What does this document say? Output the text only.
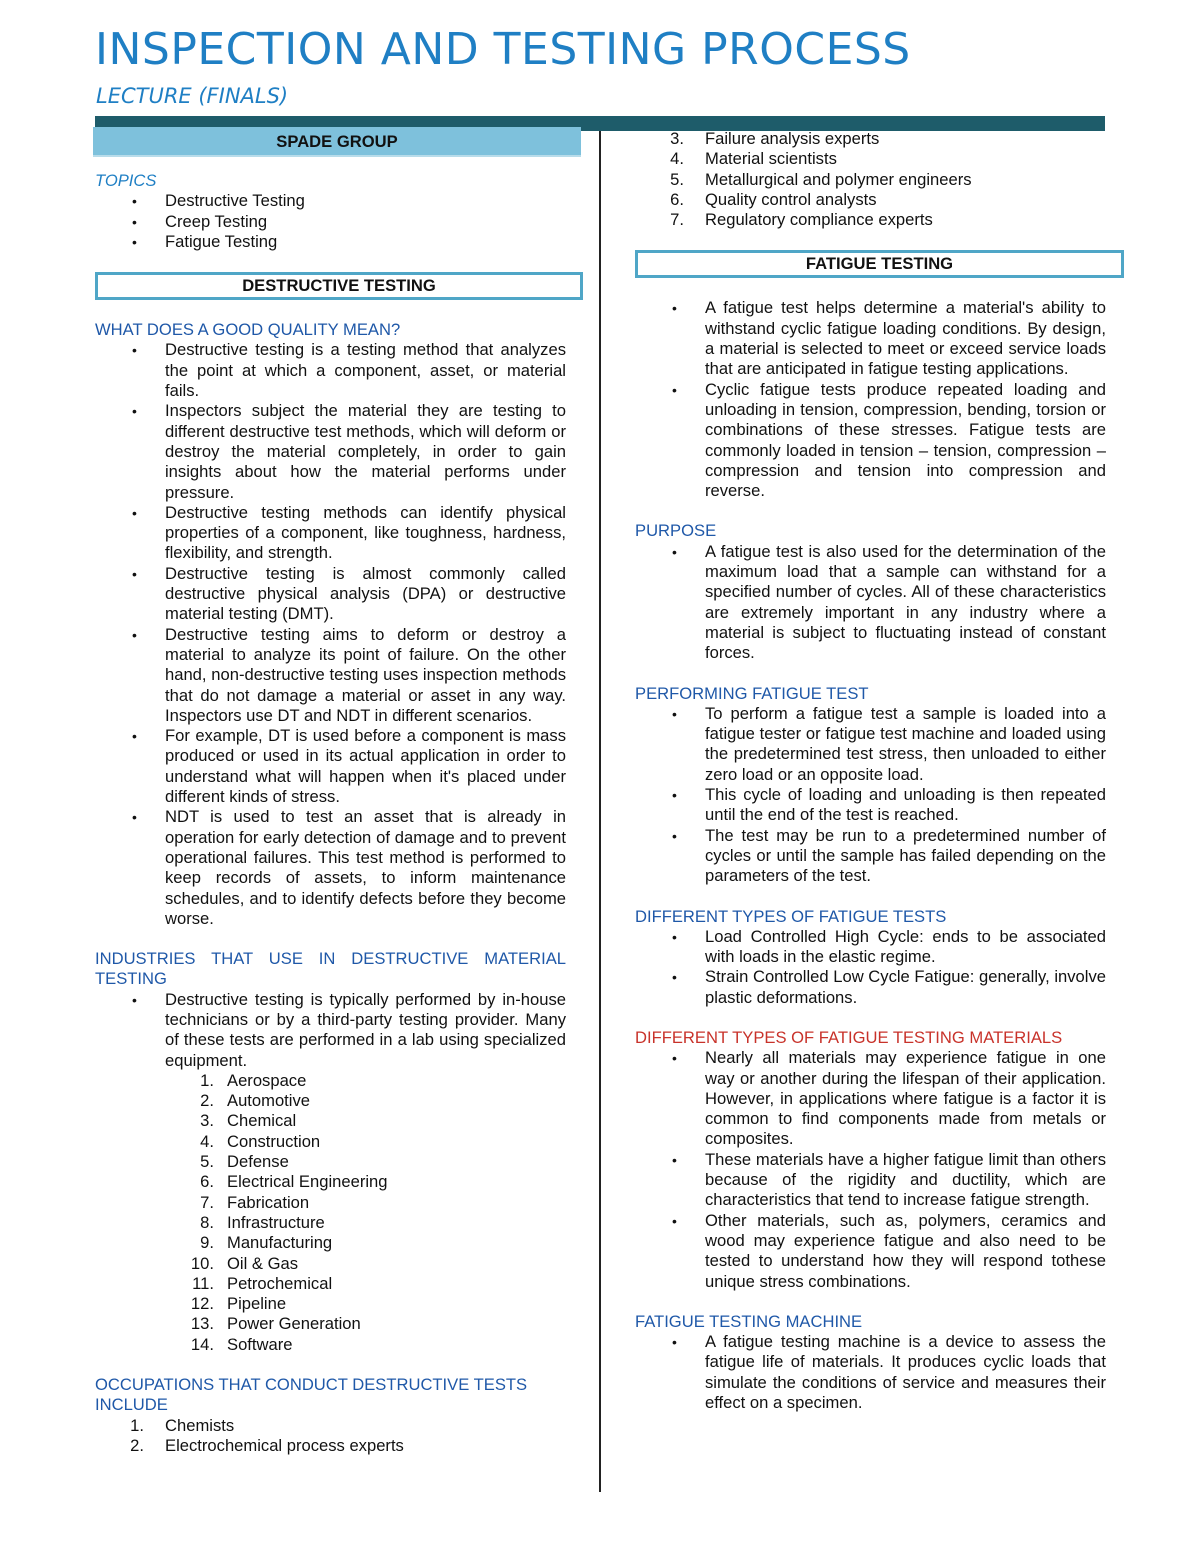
INSPECTION AND TESTING PROCESS
LECTURE (FINALS)
SPADE GROUP

TOPICS

• Destructive Testing
• Creep Testing
• Fatigue Testing
DESTRUCTIVE TESTING

WHAT DOES A GOOD QUALITY MEAN?

• Destructive testing is a testing method that analyzes the point at which a component, asset, or material fails.
• Inspectors subject the material they are testing to different destructive test methods, which will deform or destroy the material completely, in order to gain insights about how the material performs under pressure.
• Destructive testing methods can identify physical properties of a component, like toughness, hardness, flexibility, and strength.
• Destructive testing is almost commonly called destructive physical analysis (DPA) or destructive material testing (DMT).
• Destructive testing aims to deform or destroy a material to analyze its point of failure. On the other hand, non-destructive testing uses inspection methods that do not damage a material or asset in any way. Inspectors use DT and NDT in different scenarios.
• For example, DT is used before a component is mass produced or used in its actual application in order to understand what will happen when it's placed under different kinds of stress.
• NDT is used to test an asset that is already in operation for early detection of damage and to prevent operational failures. This test method is performed to keep records of assets, to inform maintenance schedules, and to identify defects before they become worse.

INDUSTRIES THAT USE IN DESTRUCTIVE MATERIAL TESTING

• Destructive testing is typically performed by in-house technicians or by a third-party testing provider. Many of these tests are performed in a lab using specialized equipment.
1. Aerospace
2. Automotive
3. Chemical
4. Construction
5. Defense
6. Electrical Engineering
7. Fabrication
8. Infrastructure
9. Manufacturing
10. Oil & Gas
11. Petrochemical
12. Pipeline
13. Power Generation
14. Software

OCCUPATIONS THAT CONDUCT DESTRUCTIVE TESTS INCLUDE

1. Chemists
2. Electrochemical process experts
3. Failure analysis experts
4. Material scientists
5. Metallurgical and polymer engineers
6. Quality control analysts
7. Regulatory compliance experts
FATIGUE TESTING
• A fatigue test helps determine a material's ability to withstand cyclic fatigue loading conditions. By design, a material is selected to meet or exceed service loads that are anticipated in fatigue testing applications.
• Cyclic fatigue tests produce repeated loading and unloading in tension, compression, bending, torsion or combinations of these stresses. Fatigue tests are commonly loaded in tension – tension, compression – compression and tension into compression and reverse.

PURPOSE

• A fatigue test is also used for the determination of the maximum load that a sample can withstand for a specified number of cycles. All of these characteristics are extremely important in any industry where a material is subject to fluctuating instead of constant forces.

PERFORMING FATIGUE TEST

• To perform a fatigue test a sample is loaded into a fatigue tester or fatigue test machine and loaded using the predetermined test stress, then unloaded to either zero load or an opposite load.
• This cycle of loading and unloading is then repeated until the end of the test is reached.
• The test may be run to a predetermined number of cycles or until the sample has failed depending on the parameters of the test.

DIFFERENT TYPES OF FATIGUE TESTS

• Load Controlled High Cycle: ends to be associated with loads in the elastic regime.
• Strain Controlled Low Cycle Fatigue: generally, involve plastic deformations.

DIFFERENT TYPES OF FATIGUE TESTING MATERIALS

• Nearly all materials may experience fatigue in one way or another during the lifespan of their application. However, in applications where fatigue is a factor it is common to find components made from metals or composites.
• These materials have a higher fatigue limit than others because of the rigidity and ductility, which are characteristics that tend to increase fatigue strength.
• Other materials, such as, polymers, ceramics and wood may experience fatigue and also need to be tested to understand how they will respond tothese unique stress combinations.

FATIGUE TESTING MACHINE

• A fatigue testing machine is a device to assess the fatigue life of materials. It produces cyclic loads that simulate the conditions of service and measures their effect on a specimen.
